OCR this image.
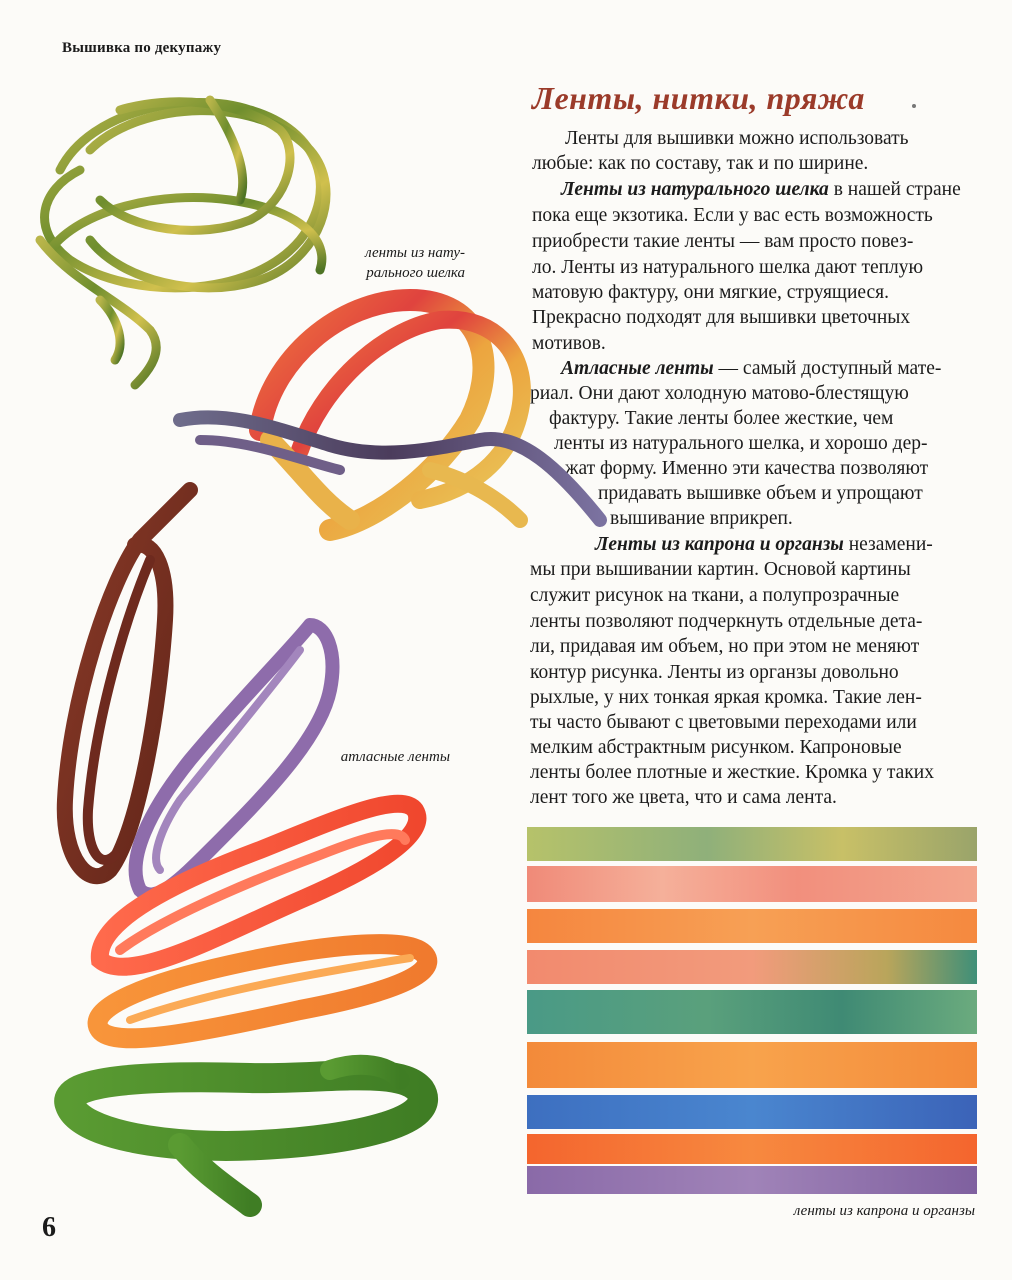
Вышивка по декупажу
Ленты, нитки, пряжа
Ленты для вышивки можно использовать
любые: как по составу, так и по ширине.
Ленты из натурального шелка в нашей стране
пока еще экзотика. Если у вас есть возможность
приобрести такие ленты — вам просто повез-
ло. Ленты из натурального шелка дают теплую
матовую фактуру, они мягкие, струящиеся.
Прекрасно подходят для вышивки цветочных
мотивов.
Атласные ленты — самый доступный мате-
риал. Они дают холодную матово-блестящую
фактуру. Такие ленты более жесткие, чем
ленты из натурального шелка, и хорошо дер-
жат форму. Именно эти качества позволяют
придавать вышивке объем и упрощают
вышивание вприкреп.
Ленты из капрона и органзы незамени-
мы при вышивании картин. Основой картины
служит рисунок на ткани, а полупрозрачные
ленты позволяют подчеркнуть отдельные дета-
ли, придавая им объем, но при этом не меняют
контур рисунка. Ленты из органзы довольно
рыхлые, у них тонкая яркая кромка. Такие лен-
ты часто бывают с цветовыми переходами или
мелким абстрактным рисунком. Капроновые
ленты более плотные и жесткие. Кромка у таких
лент того же цвета, что и сама лента.
ленты из нату-
рального шелка
атласные ленты
ленты из капрона и органзы
6
